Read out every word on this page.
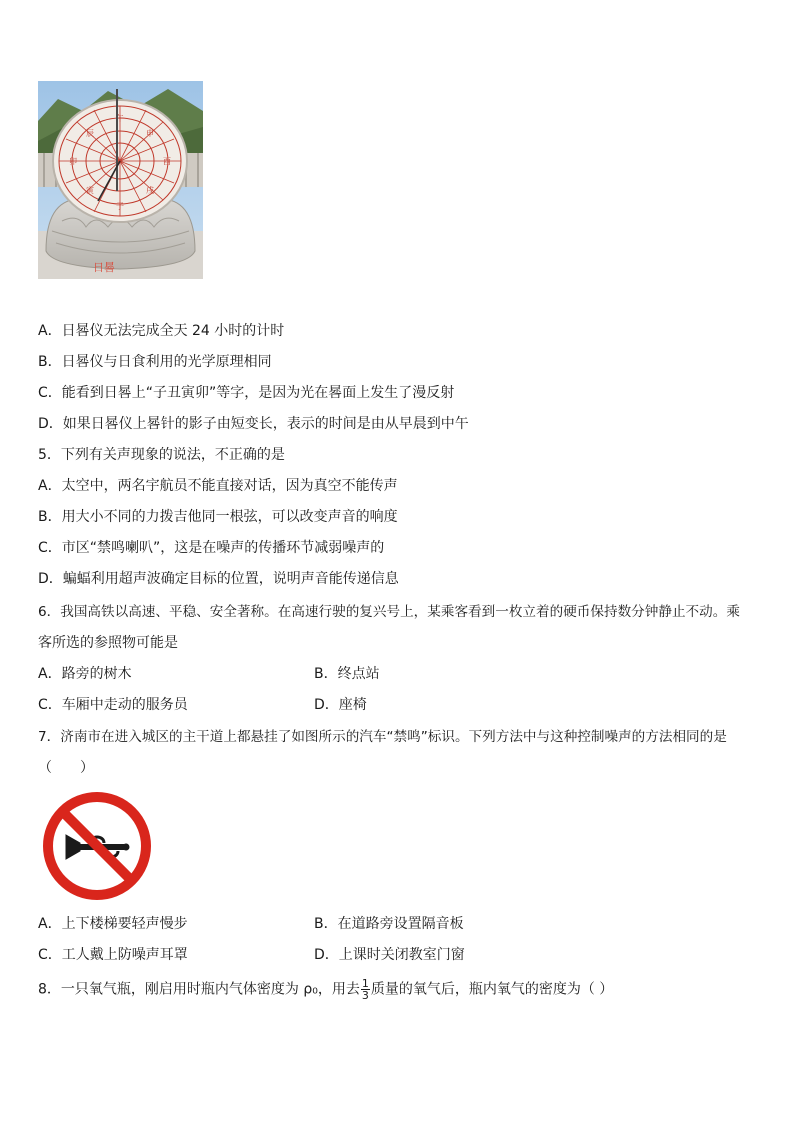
午
子
卯	酉
辰	申
寅	戌
日晷
A．日晷仪无法完成全天 24 小时的计时
B．日晷仪与日食利用的光学原理相同
C．能看到日晷上“子丑寅卯”等字，是因为光在晷面上发生了漫反射
D．如果日晷仪上晷针的影子由短变长，表示的时间是由从早晨到中午
5．下列有关声现象的说法，不正确的是
A．太空中，两名宇航员不能直接对话，因为真空不能传声
B．用大小不同的力拨吉他同一根弦，可以改变声音的响度
C．市区“禁鸣喇叭”，这是在噪声的传播环节减弱噪声的
D．蝙蝠利用超声波确定目标的位置，说明声音能传递信息
6．我国高铁以高速、平稳、安全著称。在高速行驶的复兴号上，某乘客看到一枚立着的硬币保持数分钟静止不动。乘
客所选的参照物可能是
A．路旁的树木	B．终点站
C．车厢中走动的服务员	D．座椅
7．济南市在进入城区的主干道上都悬挂了如图所示的汽车“禁鸣”标识。下列方法中与这种控制噪声的方法相同的是
（　　）
A．上下楼梯要轻声慢步	B．在道路旁设置隔音板
C．工人戴上防噪声耳罩	D．上课时关闭教室门窗
8．一只氧气瓶，刚启用时瓶内气体密度为 ρ₀，用去 $\frac{1}{3}$ 质量的氧气后，瓶内氧气的密度为（ ）
